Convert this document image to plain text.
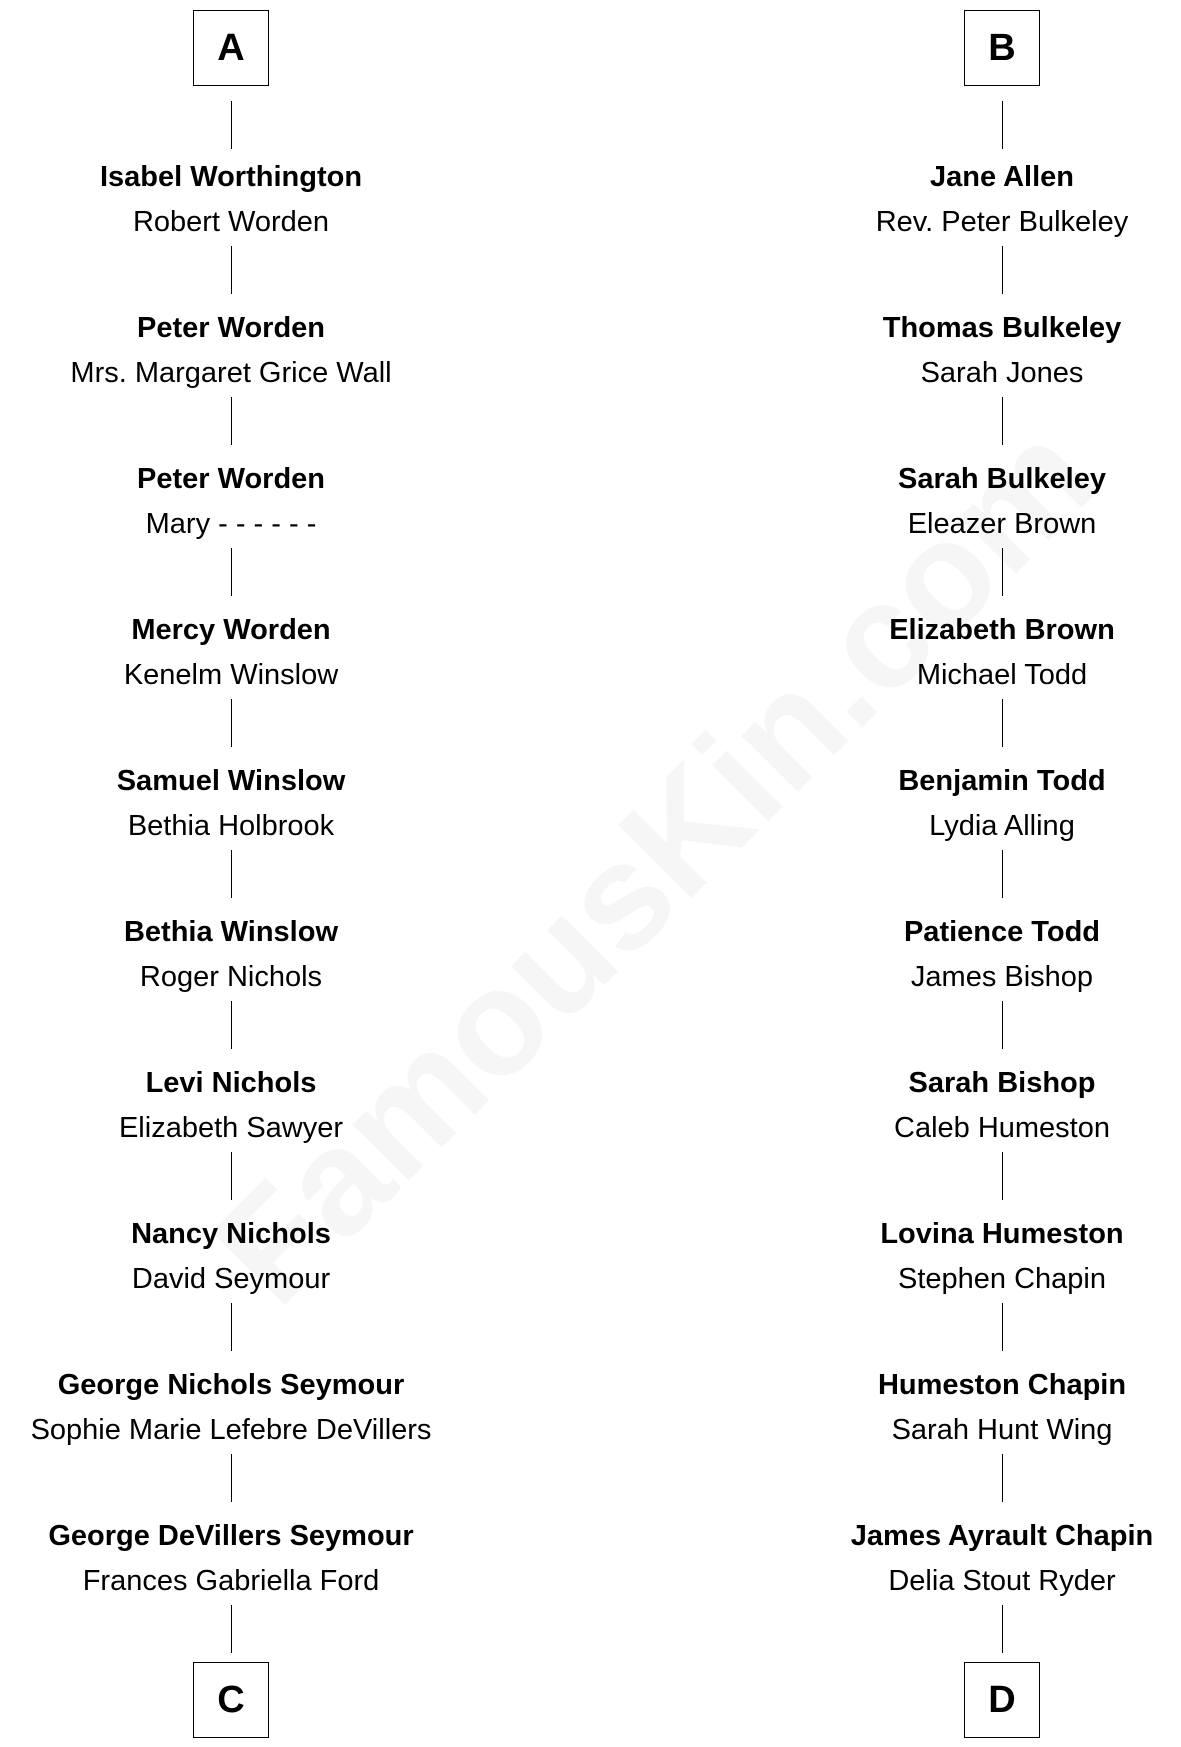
A
Isabel Worthington
Robert Worden
Peter Worden
Mrs. Margaret Grice Wall
Peter Worden
Mary - - - - - -
Mercy Worden
Kenelm Winslow
Samuel Winslow
Bethia Holbrook
Bethia Winslow
Roger Nichols
Levi Nichols
Elizabeth Sawyer
Nancy Nichols
David Seymour
George Nichols Seymour
Sophie Marie Lefebre DeVillers
George DeVillers Seymour
Frances Gabriella Ford
C
B
Jane Allen
Rev. Peter Bulkeley
Thomas Bulkeley
Sarah Jones
Sarah Bulkeley
Eleazer Brown
Elizabeth Brown
Michael Todd
Benjamin Todd
Lydia Alling
Patience Todd
James Bishop
Sarah Bishop
Caleb Humeston
Lovina Humeston
Stephen Chapin
Humeston Chapin
Sarah Hunt Wing
James Ayrault Chapin
Delia Stout Ryder
D
